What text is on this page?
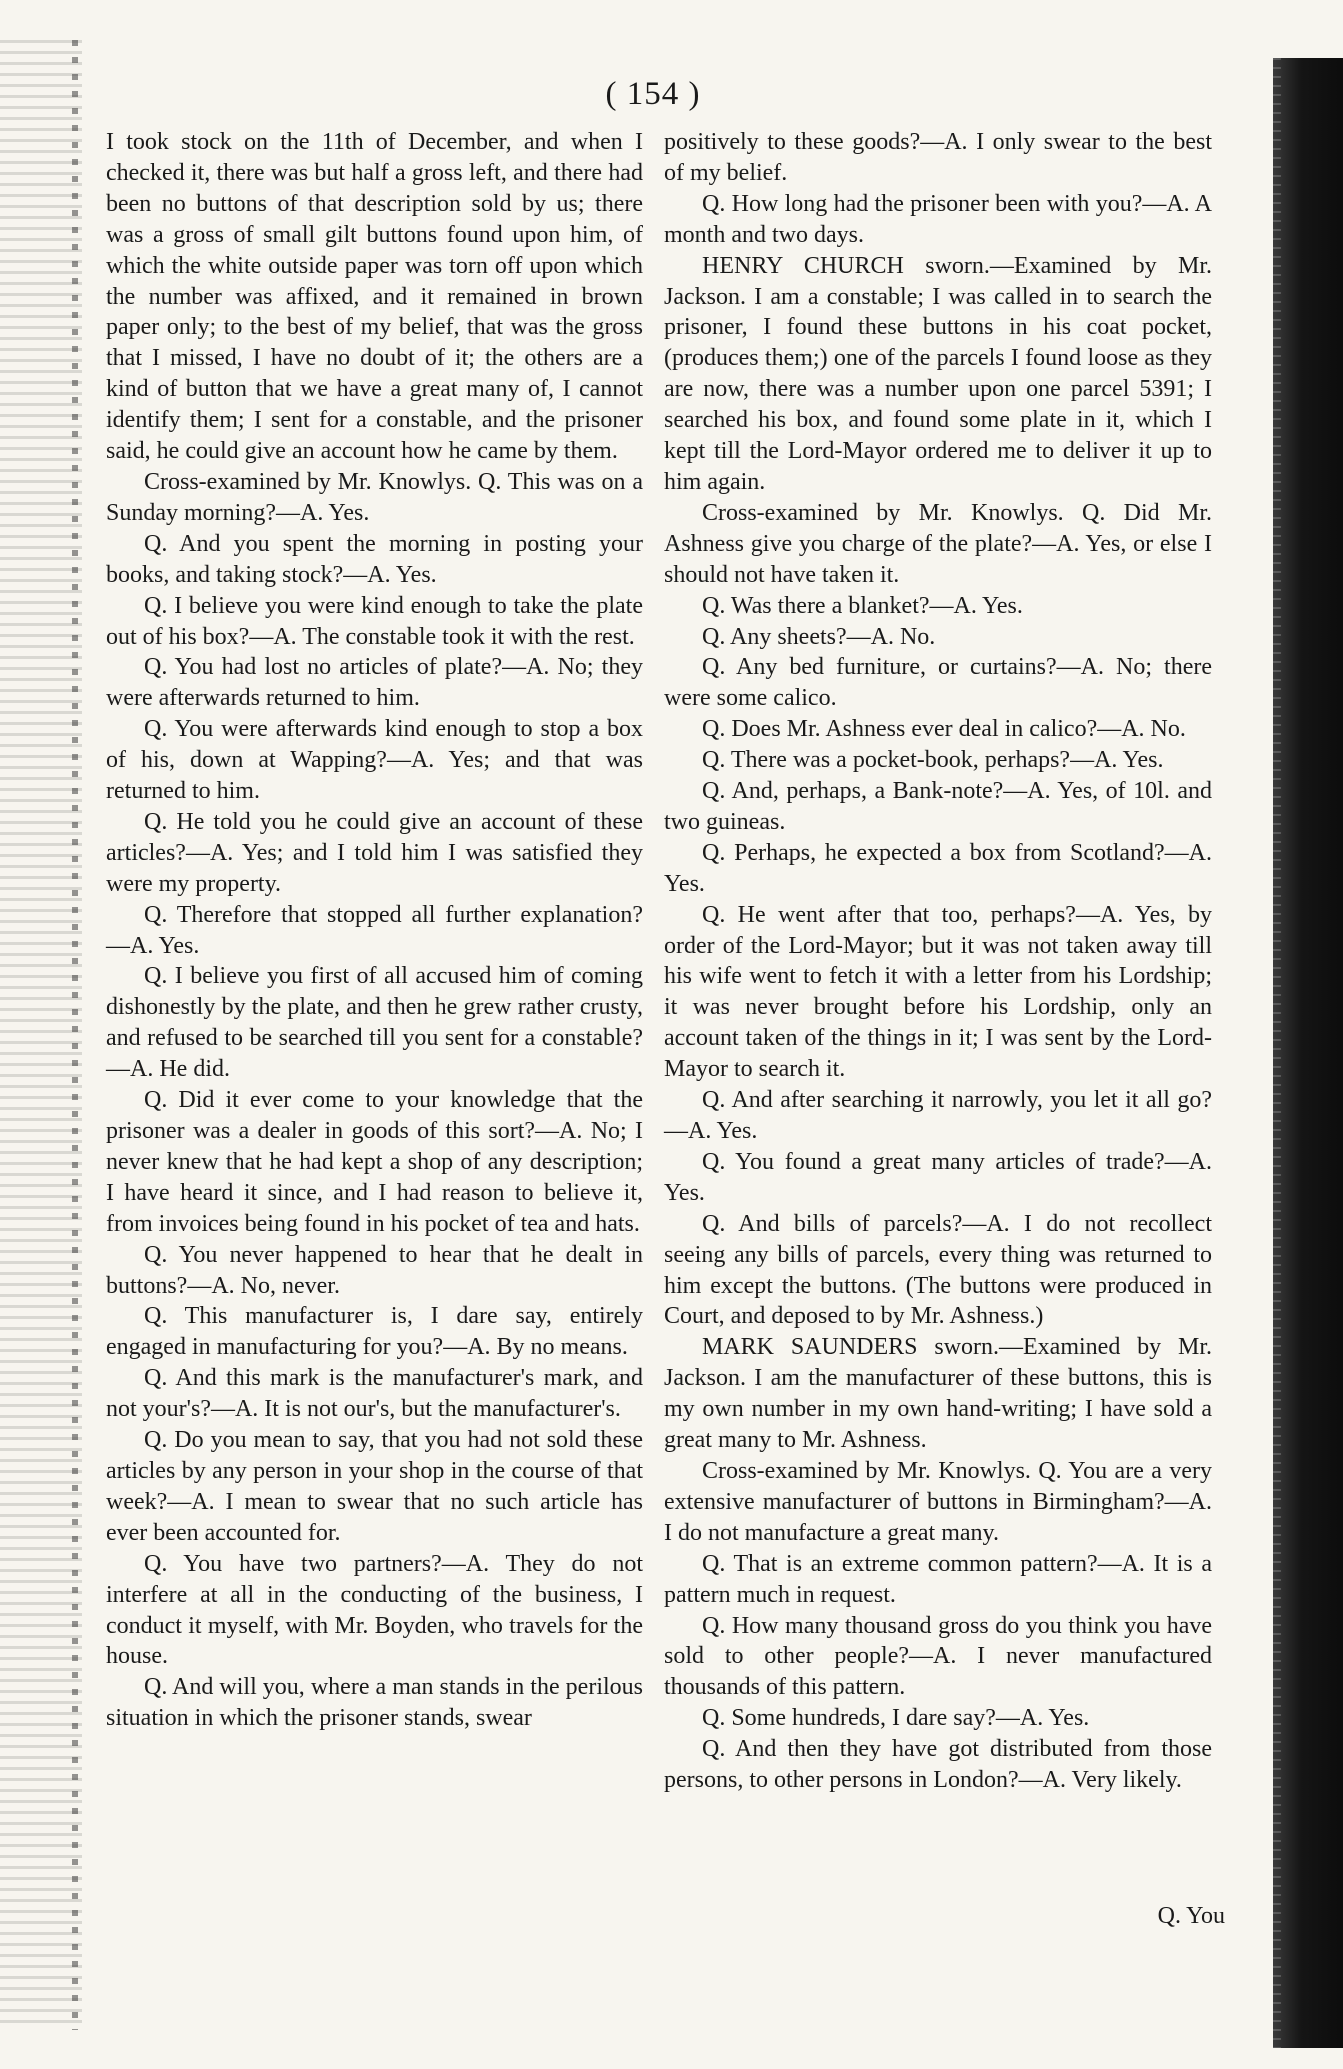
( 154 )

I took stock on the 11th of December, and when I checked it, there was but half a gross left, and there had been no buttons of that description sold by us; there was a gross of small gilt buttons found upon him, of which the white outside paper was torn off upon which the number was affixed, and it remained in brown paper only; to the best of my belief, that was the gross that I missed, I have no doubt of it; the others are a kind of button that we have a great many of, I cannot identify them; I sent for a constable, and the prisoner said, he could give an account how he came by them.

Cross-examined by Mr. Knowlys. Q. This was on a Sunday morning?—A. Yes.

Q. And you spent the morning in posting your books, and taking stock?—A. Yes.

Q. I believe you were kind enough to take the plate out of his box?—A. The constable took it with the rest.

Q. You had lost no articles of plate?—A. No; they were afterwards returned to him.

Q. You were afterwards kind enough to stop a box of his, down at Wapping?—A. Yes; and that was returned to him.

Q. He told you he could give an account of these articles?—A. Yes; and I told him I was satisfied they were my property.

Q. Therefore that stopped all further explanation?—A. Yes.

Q. I believe you first of all accused him of coming dishonestly by the plate, and then he grew rather crusty, and refused to be searched till you sent for a constable?—A. He did.

Q. Did it ever come to your knowledge that the prisoner was a dealer in goods of this sort?—A. No; I never knew that he had kept a shop of any description; I have heard it since, and I had reason to believe it, from invoices being found in his pocket of tea and hats.

Q. You never happened to hear that he dealt in buttons?—A. No, never.

Q. This manufacturer is, I dare say, entirely engaged in manufacturing for you?—A. By no means.

Q. And this mark is the manufacturer's mark, and not your's?—A. It is not our's, but the manufacturer's.

Q. Do you mean to say, that you had not sold these articles by any person in your shop in the course of that week?—A. I mean to swear that no such article has ever been accounted for.

Q. You have two partners?—A. They do not interfere at all in the conducting of the business, I conduct it myself, with Mr. Boyden, who travels for the house.

Q. And will you, where a man stands in the perilous situation in which the prisoner stands, swear

positively to these goods?—A. I only swear to the best of my belief.

Q. How long had the prisoner been with you?—A. A month and two days.

HENRY CHURCH sworn.—Examined by Mr. Jackson. I am a constable; I was called in to search the prisoner, I found these buttons in his coat pocket, (produces them;) one of the parcels I found loose as they are now, there was a number upon one parcel 5391; I searched his box, and found some plate in it, which I kept till the Lord-Mayor ordered me to deliver it up to him again.

Cross-examined by Mr. Knowlys. Q. Did Mr. Ashness give you charge of the plate?—A. Yes, or else I should not have taken it.

Q. Was there a blanket?—A. Yes.

Q. Any sheets?—A. No.

Q. Any bed furniture, or curtains?—A. No; there were some calico.

Q. Does Mr. Ashness ever deal in calico?—A. No.

Q. There was a pocket-book, perhaps?—A. Yes.

Q. And, perhaps, a Bank-note?—A. Yes, of 10l. and two guineas.

Q. Perhaps, he expected a box from Scotland?—A. Yes.

Q. He went after that too, perhaps?—A. Yes, by order of the Lord-Mayor; but it was not taken away till his wife went to fetch it with a letter from his Lordship; it was never brought before his Lordship, only an account taken of the things in it; I was sent by the Lord-Mayor to search it.

Q. And after searching it narrowly, you let it all go?—A. Yes.

Q. You found a great many articles of trade?—A. Yes.

Q. And bills of parcels?—A. I do not recollect seeing any bills of parcels, every thing was returned to him except the buttons. (The buttons were produced in Court, and deposed to by Mr. Ashness.)

MARK SAUNDERS sworn.—Examined by Mr. Jackson. I am the manufacturer of these buttons, this is my own number in my own hand-writing; I have sold a great many to Mr. Ashness.

Cross-examined by Mr. Knowlys. Q. You are a very extensive manufacturer of buttons in Birmingham?—A. I do not manufacture a great many.

Q. That is an extreme common pattern?—A. It is a pattern much in request.

Q. How many thousand gross do you think you have sold to other people?—A. I never manufactured thousands of this pattern.

Q. Some hundreds, I dare say?—A. Yes.

Q. And then they have got distributed from those persons, to other persons in London?—A. Very likely.

Q. You
